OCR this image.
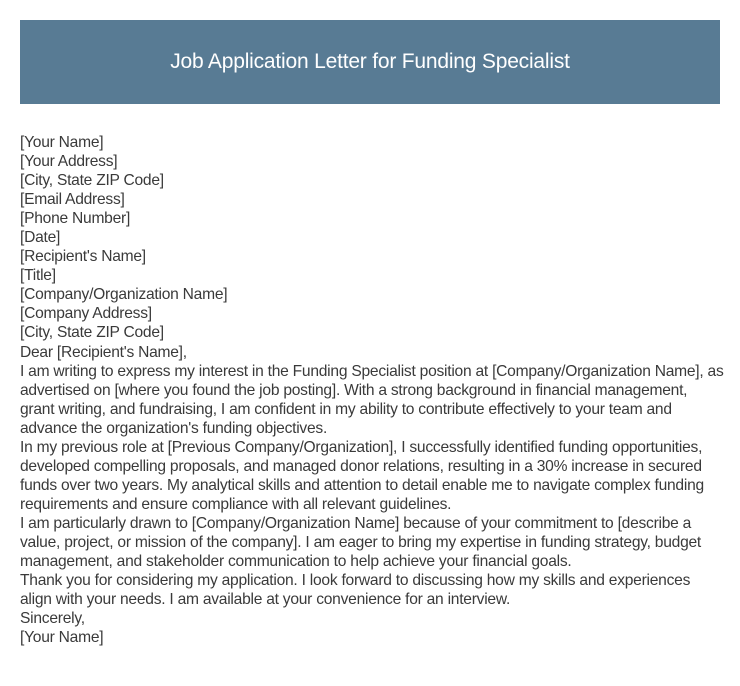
Job Application Letter for Funding Specialist

[Your Name]

[Your Address]

[City, State ZIP Code]

[Email Address]

[Phone Number]

[Date]

[Recipient's Name]

[Title]

[Company/Organization Name]

[Company Address]

[City, State ZIP Code]

Dear [Recipient's Name],

I am writing to express my interest in the Funding Specialist position at [Company/Organization Name], as advertised on [where you found the job posting]. With a strong background in financial management, grant writing, and fundraising, I am confident in my ability to contribute effectively to your team and advance the organization's funding objectives.

In my previous role at [Previous Company/Organization], I successfully identified funding opportunities, developed compelling proposals, and managed donor relations, resulting in a 30% increase in secured funds over two years. My analytical skills and attention to detail enable me to navigate complex funding requirements and ensure compliance with all relevant guidelines.

I am particularly drawn to [Company/Organization Name] because of your commitment to [describe a value, project, or mission of the company]. I am eager to bring my expertise in funding strategy, budget management, and stakeholder communication to help achieve your financial goals.

Thank you for considering my application. I look forward to discussing how my skills and experiences align with your needs. I am available at your convenience for an interview.

Sincerely,

[Your Name]
